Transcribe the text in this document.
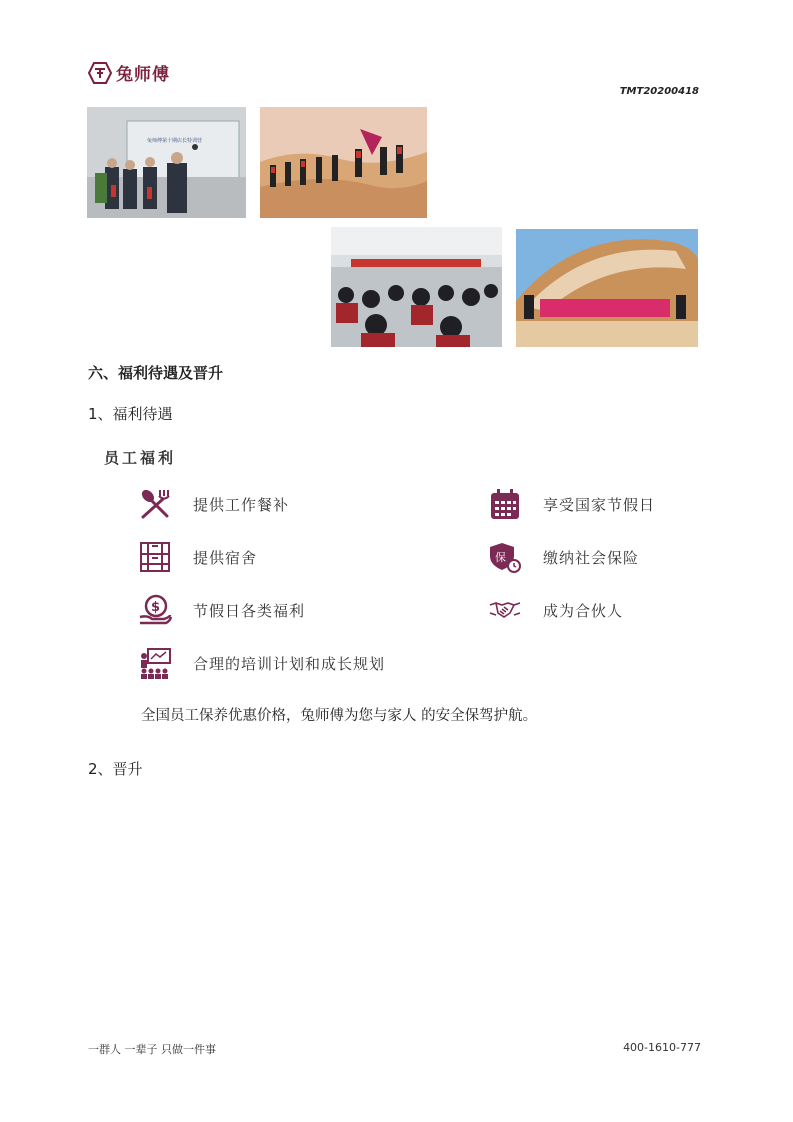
兔师傅
TMT20200418
兔师傅第十期店长特训营
六、福利待遇及晋升
1、福利待遇
员工福利
提供工作餐补	享受国家节假日
提供宿舍	保 缴纳社会保险
$ 节假日各类福利	成为合伙人
合理的培训计划和成长规划
全国员工保养优惠价格，兔师傅为您与家人 的安全保驾护航。
2、晋升
一群人 一辈子 只做一件事	400-1610-777
